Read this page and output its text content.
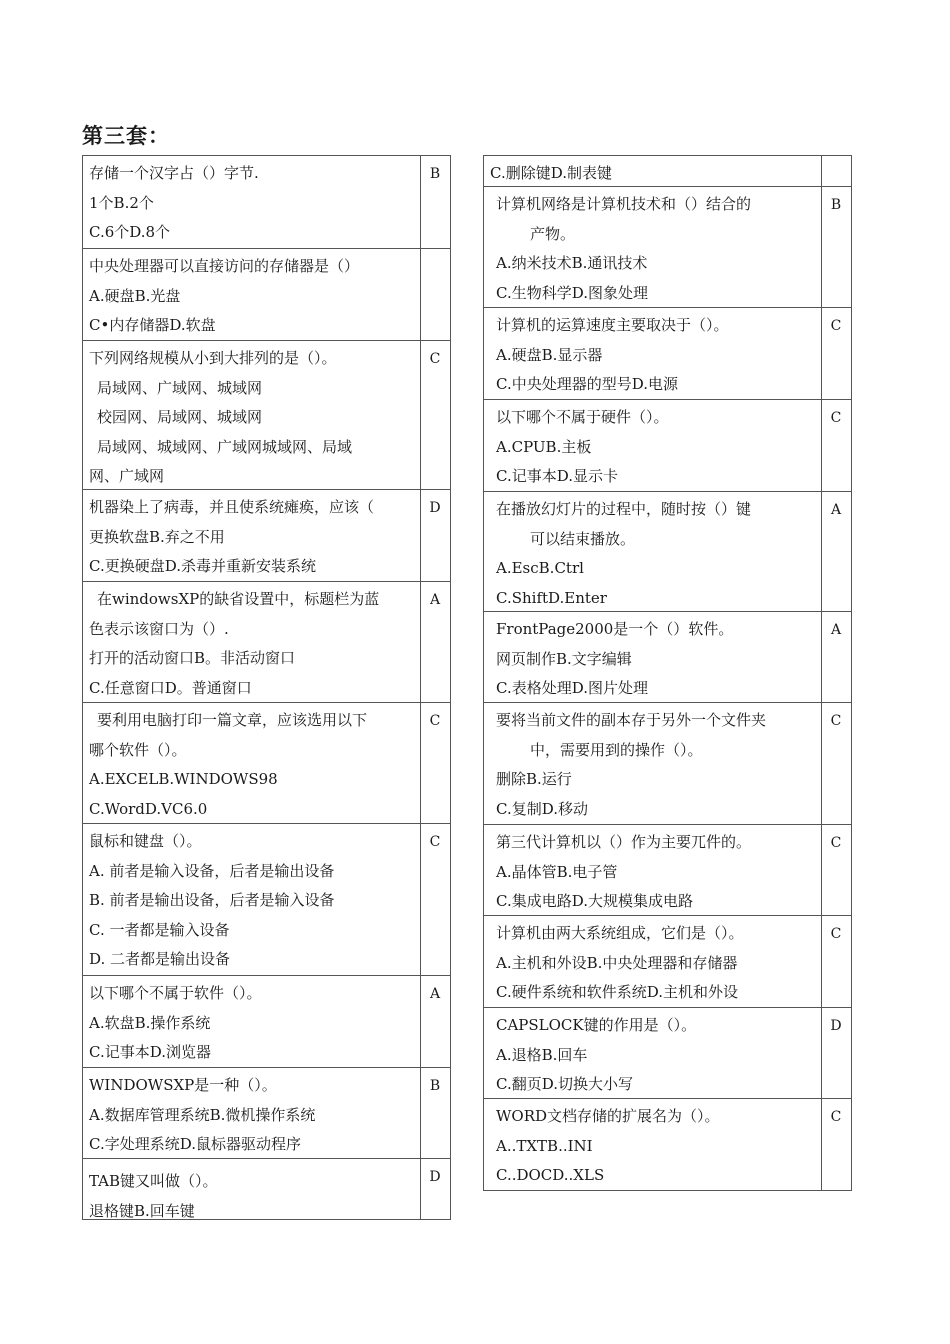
第三套：
存储一个汉字占（）字节.
1个B.2个
C.6个D.8个
B
中央处理器可以直接访问的存储器是（）
A.硬盘B.光盘
C•内存储器D.软盘
下列网络规模从小到大排列的是（）。
局域网、广域网、城域网
校园网、局域网、城域网
局域网、城域网、广域网城域网、局域
网、广域网
C
机器染上了病毒，并且使系统瘫痪，应该（
更换软盘B.弃之不用
C.更换硬盘D.杀毒并重新安装系统
D
在windowsXP的缺省设置中，标题栏为蓝
色表示该窗口为（）.
打开的活动窗口B。非活动窗口
C.任意窗口D。普通窗口
A
要利用电脑打印一篇文章，应该选用以下
哪个软件（）。
A.EXCELB.WINDOWS98
C.WordD.VC6.0
C
鼠标和键盘（）。
A. 前者是输入设备，后者是输出设备
B. 前者是输出设备，后者是输入设备
C. 一者都是输入设备
D. 二者都是输出设备
C
以下哪个不属于软件（）。
A.软盘B.操作系统
C.记事本D.浏览器
A
WINDOWSXP是一种（）。
A.数据库管理系统B.微机操作系统
C.字处理系统D.鼠标器驱动程序
B
TAB键又叫做（）。
退格键B.回车键
D
C.删除键D.制表键
计算机网络是计算机技术和（）结合的
产物。
A.纳米技术B.通讯技术
C.生物科学D.图象处理
B
计算机的运算速度主要取决于（）。
A.硬盘B.显示器
C.中央处理器的型号D.电源
C
以下哪个不属于硬件（）。
A.CPUB.主板
C.记事本D.显示卡
C
在播放幻灯片的过程中，随时按（）键
可以结束播放。
A.EscB.Ctrl
C.ShiftD.Enter
A
FrontPage2000是一个（）软件。
网页制作B.文字编辑
C.表格处理D.图片处理
A
要将当前文件的副本存于另外一个文件夹
中，需要用到的操作（）。
删除B.运行
C.复制D.移动
C
第三代计算机以（）作为主要兀件的。
A.晶体管B.电子管
C.集成电路D.大规模集成电路
C
计算机由两大系统组成，它们是（）。
A.主机和外设B.中央处理器和存储器
C.硬件系统和软件系统D.主机和外设
C
CAPSLOCK键的作用是（）。
A.退格B.回车
C.翻页D.切换大小写
D
WORD文档存储的扩展名为（）。
A..TXTB..INI
C..DOCD..XLS
C
